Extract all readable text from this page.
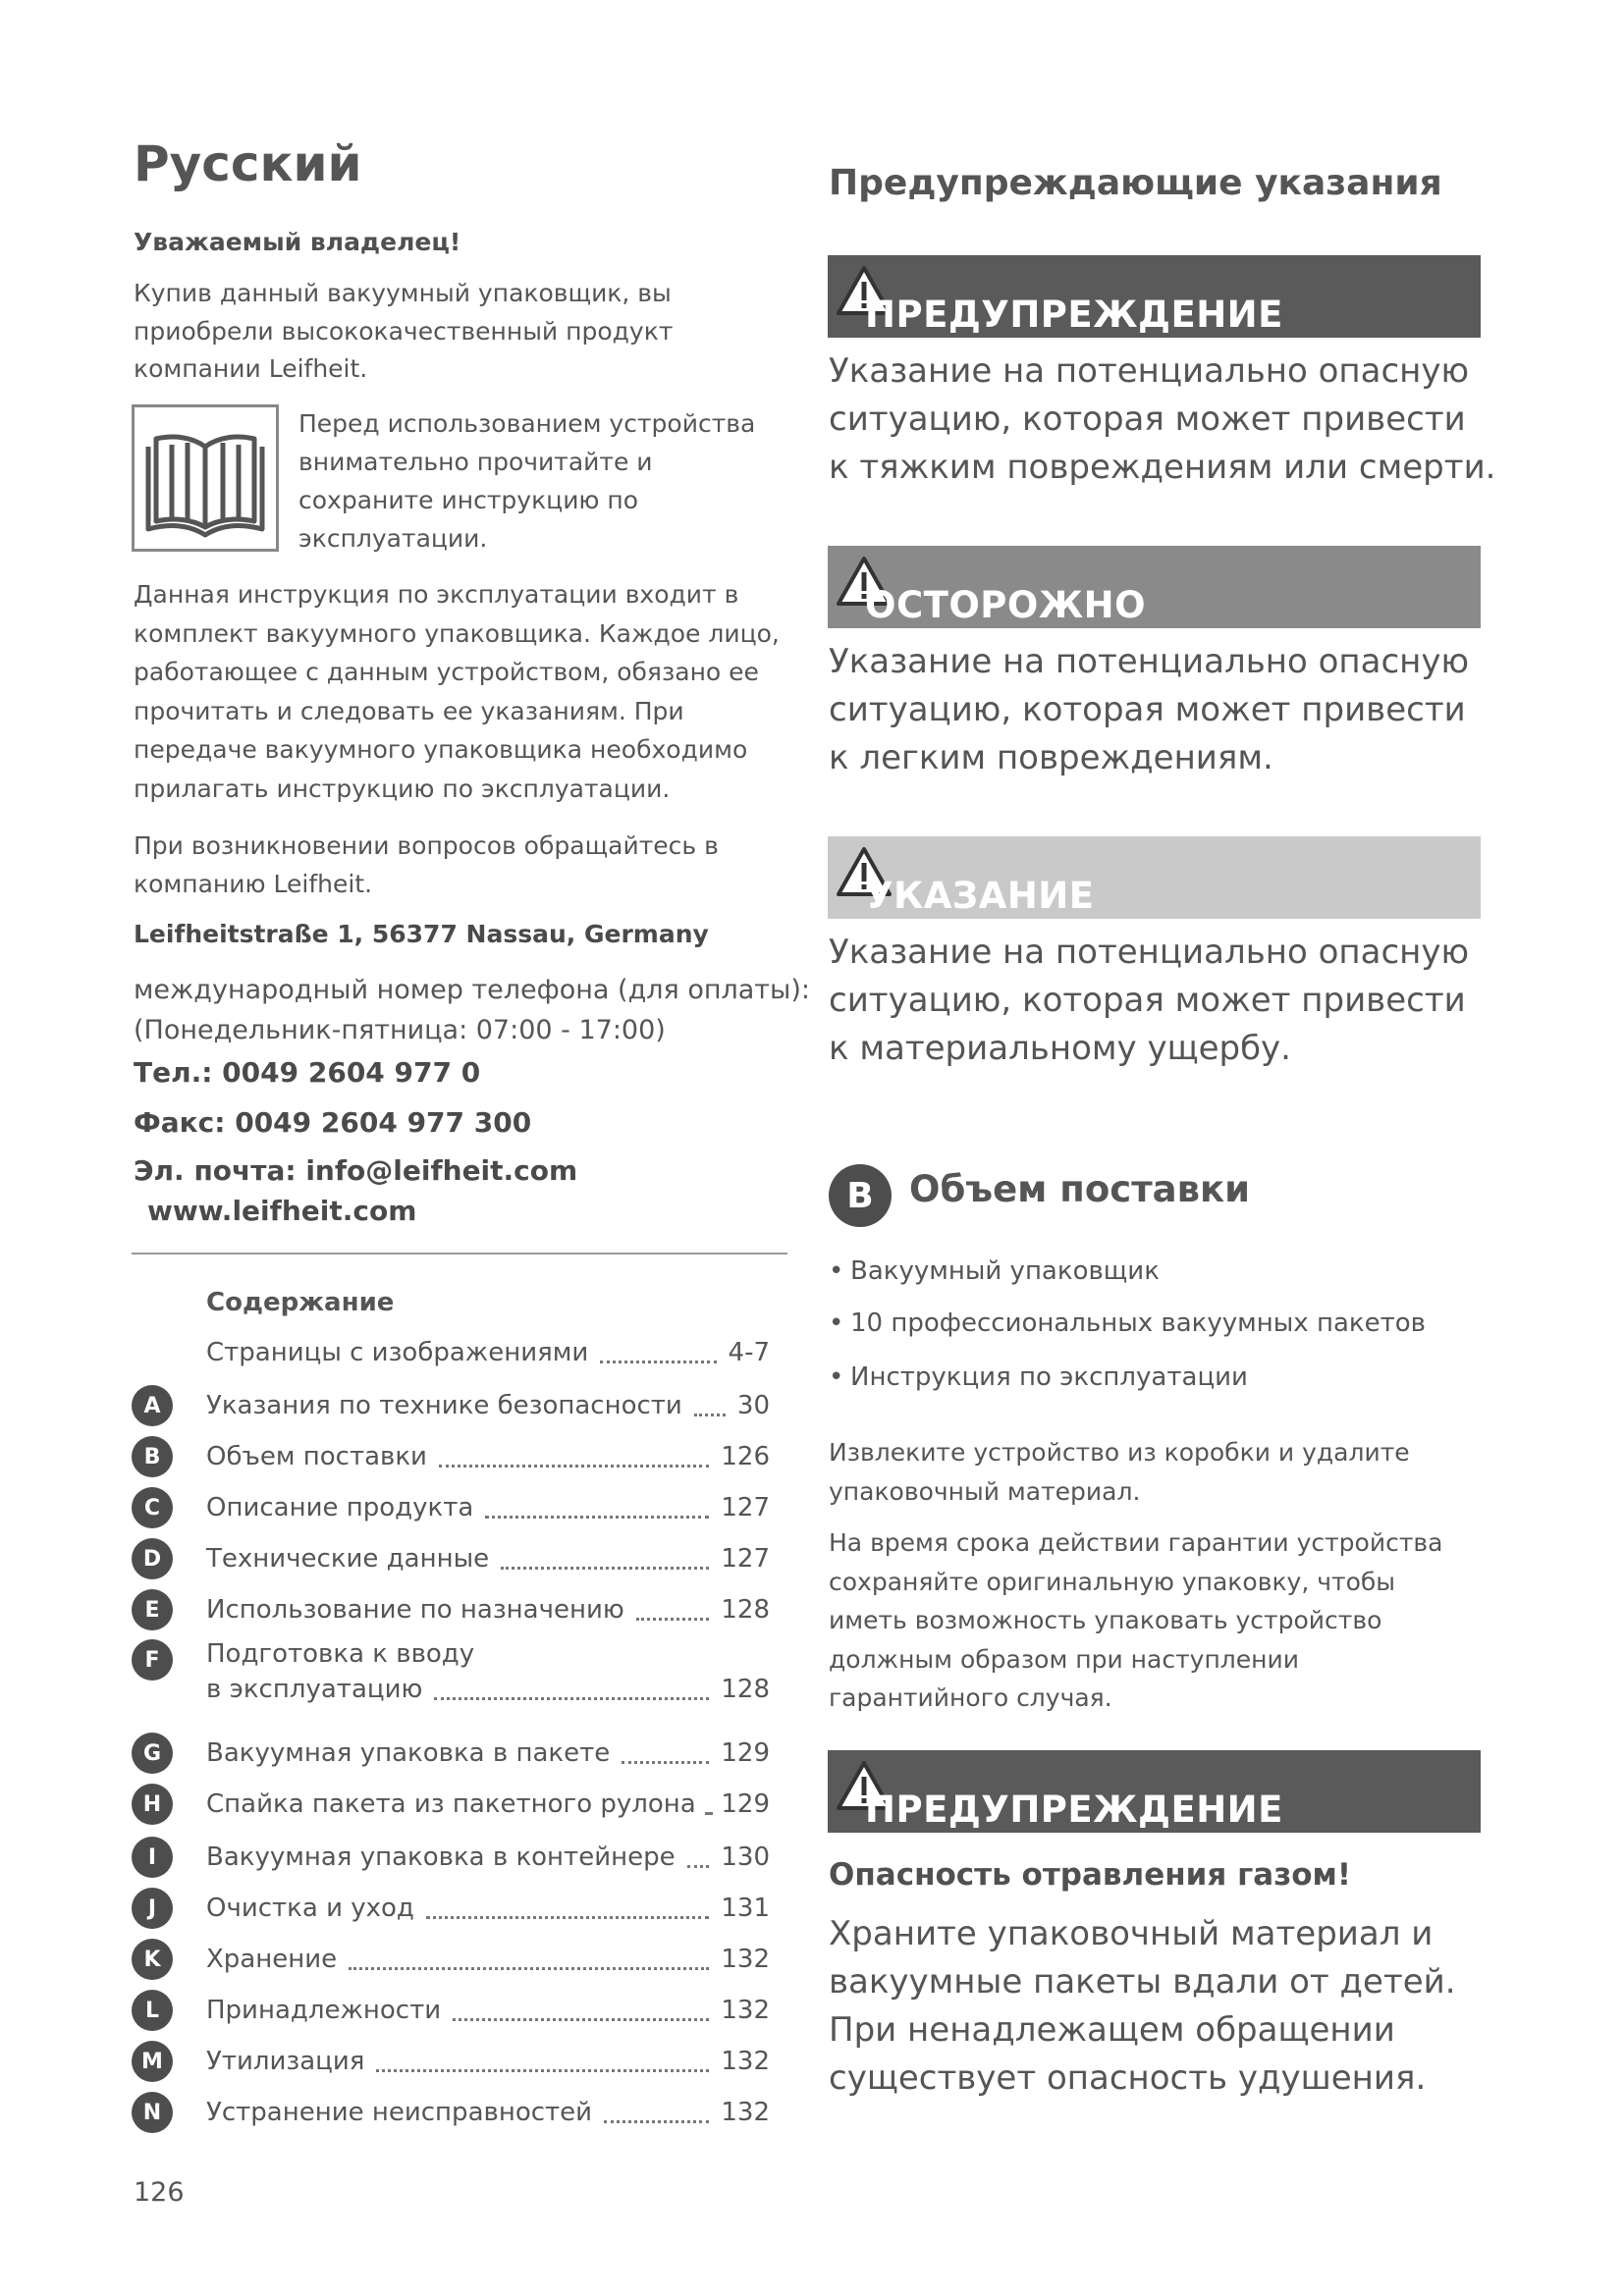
Русский
Уважаемый владелец!
Купив данный вакуумный упаковщик, вы приобрели высококачественный продукт компании Leifheit.
Перед использованием устройства внимательно прочитайте и сохраните инструкцию по эксплуатации.
Данная инструкция по эксплуатации входит в комплект вакуумного упаковщика. Каждое лицо, работающее с данным устройством, обязано ее прочитать и следовать ее указаниям. При передаче вакуумного упаковщика необходимо прилагать инструкцию по эксплуатации.
При возникновении вопросов обращайтесь в компанию Leifheit.
Leifheitstraße 1, 56377 Nassau, Germany
международный номер телефона (для оплаты):
(Понедельник-пятница: 07:00 - 17:00)
Тел.: 0049 2604 977 0
Факс: 0049 2604 977 300
Эл. почта: info@leifheit.com
www.leifheit.com
Содержание
Страницы с изображениями	4-7
A	Указания по технике безопасности 30
B	Объем поставки	126
C	Описание продукта	127
D	Технические данные	127
E	Использование по назначению	128
F	Подготовка к вводу
в эксплуатацию	128
G	Вакуумная упаковка в пакете	129
H	Спайка пакета из пакетного рулона 129
I	Вакуумная упаковка в контейнере 130
J	Очистка и уход	131
K	Хранение	132
L	Принадлежности	132
M	Утилизация	132
N	Устранение неисправностей	132
126
Предупреждающие указания
ПРЕДУПРЕЖДЕНИЕ
Указание на потенциально опасную ситуацию, которая может привести к тяжким повреждениям или смерти.
ОСТОРОЖНО
Указание на потенциально опасную ситуацию, которая может привести к легким повреждениям.
УКАЗАНИЕ
Указание на потенциально опасную ситуацию, которая может привести к материальному ущербу.
B Объем поставки
• Вакуумный упаковщик
• 10 профессиональных вакуумных пакетов
• Инструкция по эксплуатации
Извлеките устройство из коробки и удалите упаковочный материал.
На время срока действии гарантии устройства сохраняйте оригинальную упаковку, чтобы иметь возможность упаковать устройство должным образом при наступлении гарантийного случая.
ПРЕДУПРЕЖДЕНИЕ
Опасность отравления газом!
Храните упаковочный материал и вакуумные пакеты вдали от детей. При ненадлежащем обращении существует опасность удушения.
